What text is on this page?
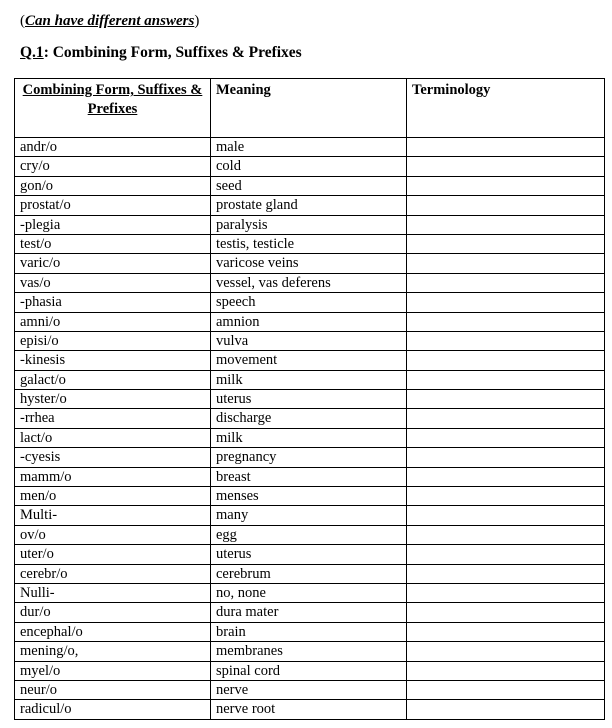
(Can have different answers)
Q.1: Combining Form, Suffixes & Prefixes
Combining Form, Suffixes & Prefixes	Meaning	Terminology
andr/o	male	
cry/o	cold	
gon/o	seed	
prostat/o	prostate gland	
-plegia	paralysis	
test/o	testis, testicle	
varic/o	varicose veins	
vas/o	vessel, vas deferens	
-phasia	speech	
amni/o	amnion	
episi/o	vulva	
-kinesis	movement	
galact/o	milk	
hyster/o	uterus	
-rrhea	discharge	
lact/o	milk	
-cyesis	pregnancy	
mamm/o	breast	
men/o	menses	
Multi-	many	
ov/o	egg	
uter/o	uterus	
cerebr/o	cerebrum	
Nulli-	no, none	
dur/o	dura mater	
encephal/o	brain	
mening/o,	membranes	
myel/o	spinal cord	
neur/o	nerve	
radicul/o	nerve root	
